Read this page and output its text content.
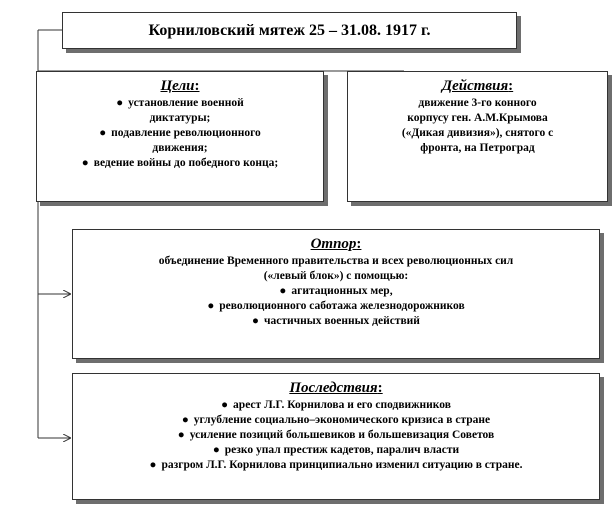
Корниловский мятеж 25 – 31.08. 1917 г.
Цели:
● установление военной
диктатуры;
● подавление революционного
движения;
● ведение войны до победного конца;
Действия:
движение 3-го конного
корпусу ген. А.М.Крымова
(«Дикая дивизия»), снятого с
фронта, на Петроград
Отпор:
объединение Временного правительства и всех революционных сил
(«левый блок») с помощью:
● агитационных мер,
● революционного саботажа железнодорожников
● частичных военных действий
Последствия:
● арест Л.Г. Корнилова и его сподвижников
● углубление социально–экономического кризиса в стране
● усиление позиций большевиков и большевизация Советов
● резко упал престиж кадетов, паралич власти
● разгром Л.Г. Корнилова принципиально изменил ситуацию в стране.
